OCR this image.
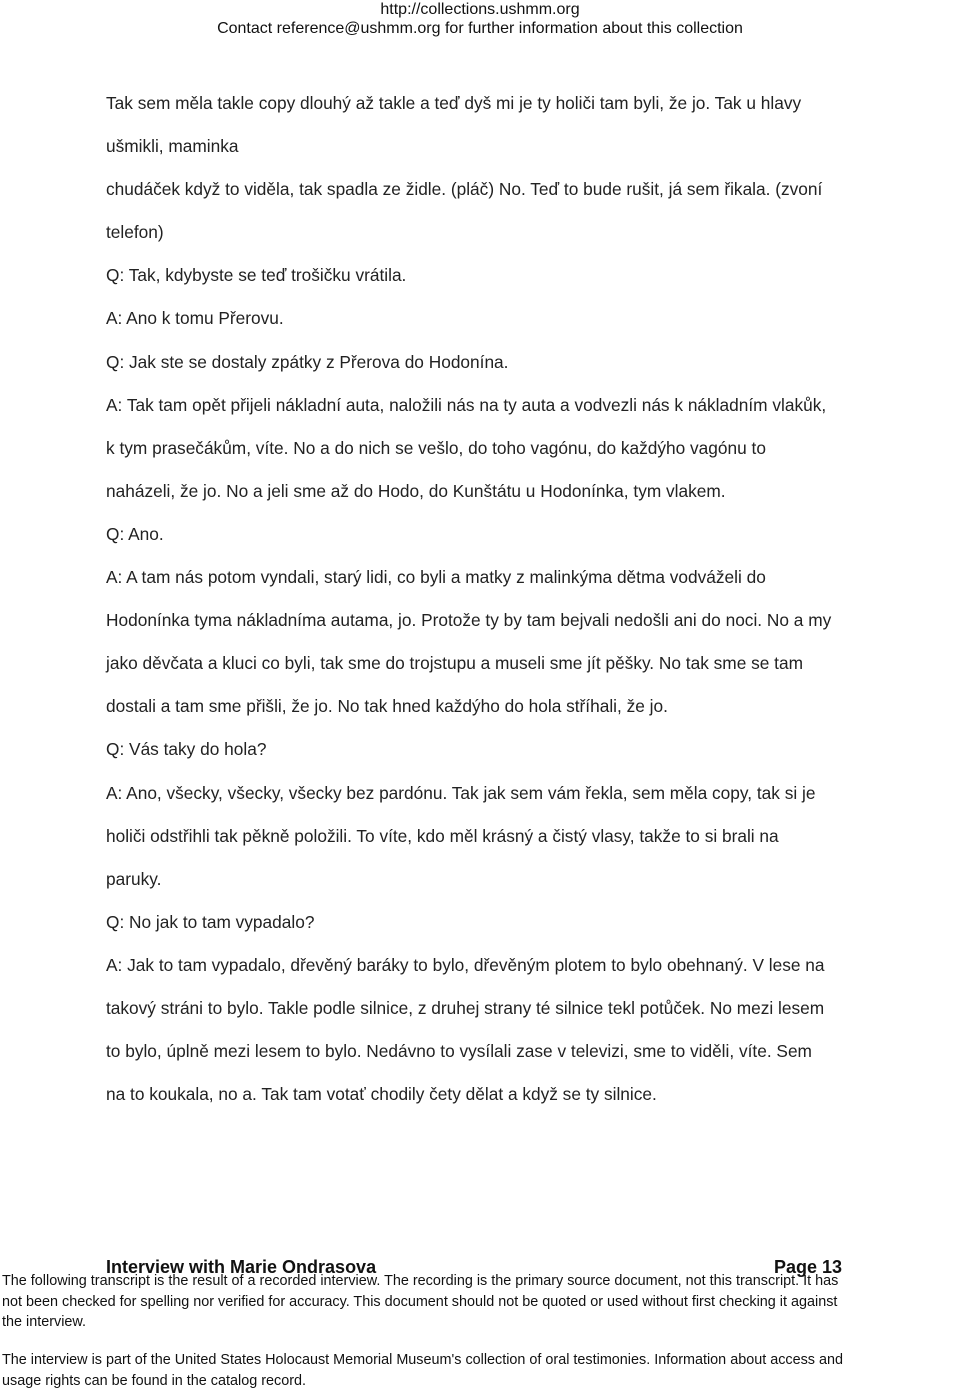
http://collections.ushmm.org
Contact reference@ushmm.org for further information about this collection
Tak sem měla takle copy dlouhý až takle a teď dyš mi je ty holiči tam byli, že jo. Tak u hlavy
ušmikli, maminka
chudáček když to viděla, tak spadla ze židle. (pláč) No. Teď to bude rušit, já sem řikala. (zvoní
telefon)
Q: Tak, kdybyste se teď trošičku vrátila.
A: Ano k tomu Přerovu.
Q: Jak ste se dostaly zpátky z Přerova do Hodonína.
A: Tak tam opět přijeli nákladní auta, naložili nás na ty auta a vodvezli nás k nákladním vlakůk,
k tym prasečákům, víte. No a do nich se vešlo, do toho vagónu, do každýho vagónu to
naházeli, že jo. No a jeli sme až do Hodo, do Kunštátu u Hodonínka, tym vlakem.
Q: Ano.
A: A tam nás potom vyndali, starý lidi, co byli a matky z malinkýma dětma vodváželi do
Hodonínka tyma nákladníma autama, jo. Protože ty by tam bejvali nedošli ani do noci. No a my
jako děvčata a kluci co byli, tak sme do trojstupu a museli sme jít pěšky. No tak sme se tam
dostali a tam sme přišli, že jo. No tak hned každýho do hola stříhali, že jo.
Q: Vás taky do hola?
A: Ano, všecky, všecky, všecky bez pardónu. Tak jak sem vám řekla, sem měla copy, tak si je
holiči odstřihli tak pěkně položili. To víte, kdo měl krásný a čistý vlasy, takže to si brali na
paruky.
Q: No jak to tam vypadalo?
A: Jak to tam vypadalo, dřevěný baráky to bylo, dřevěným plotem to bylo obehnaný. V lese na
takový stráni to bylo. Takle podle silnice, z druhej strany té silnice tekl potůček. No mezi lesem
to bylo, úplně mezi lesem to bylo. Nedávno to vysílali zase v televizi, sme to viděli, víte. Sem
na to koukala, no a. Tak tam votať chodily čety dělat a když se ty silnice.
Interview with Marie Ondrasova	Page 13
The following transcript is the result of a recorded interview. The recording is the primary source document, not this transcript. It has
not been checked for spelling nor verified for accuracy. This document should not be quoted or used without first checking it against
the interview.
The interview is part of the United States Holocaust Memorial Museum's collection of oral testimonies. Information about access and
usage rights can be found in the catalog record.
